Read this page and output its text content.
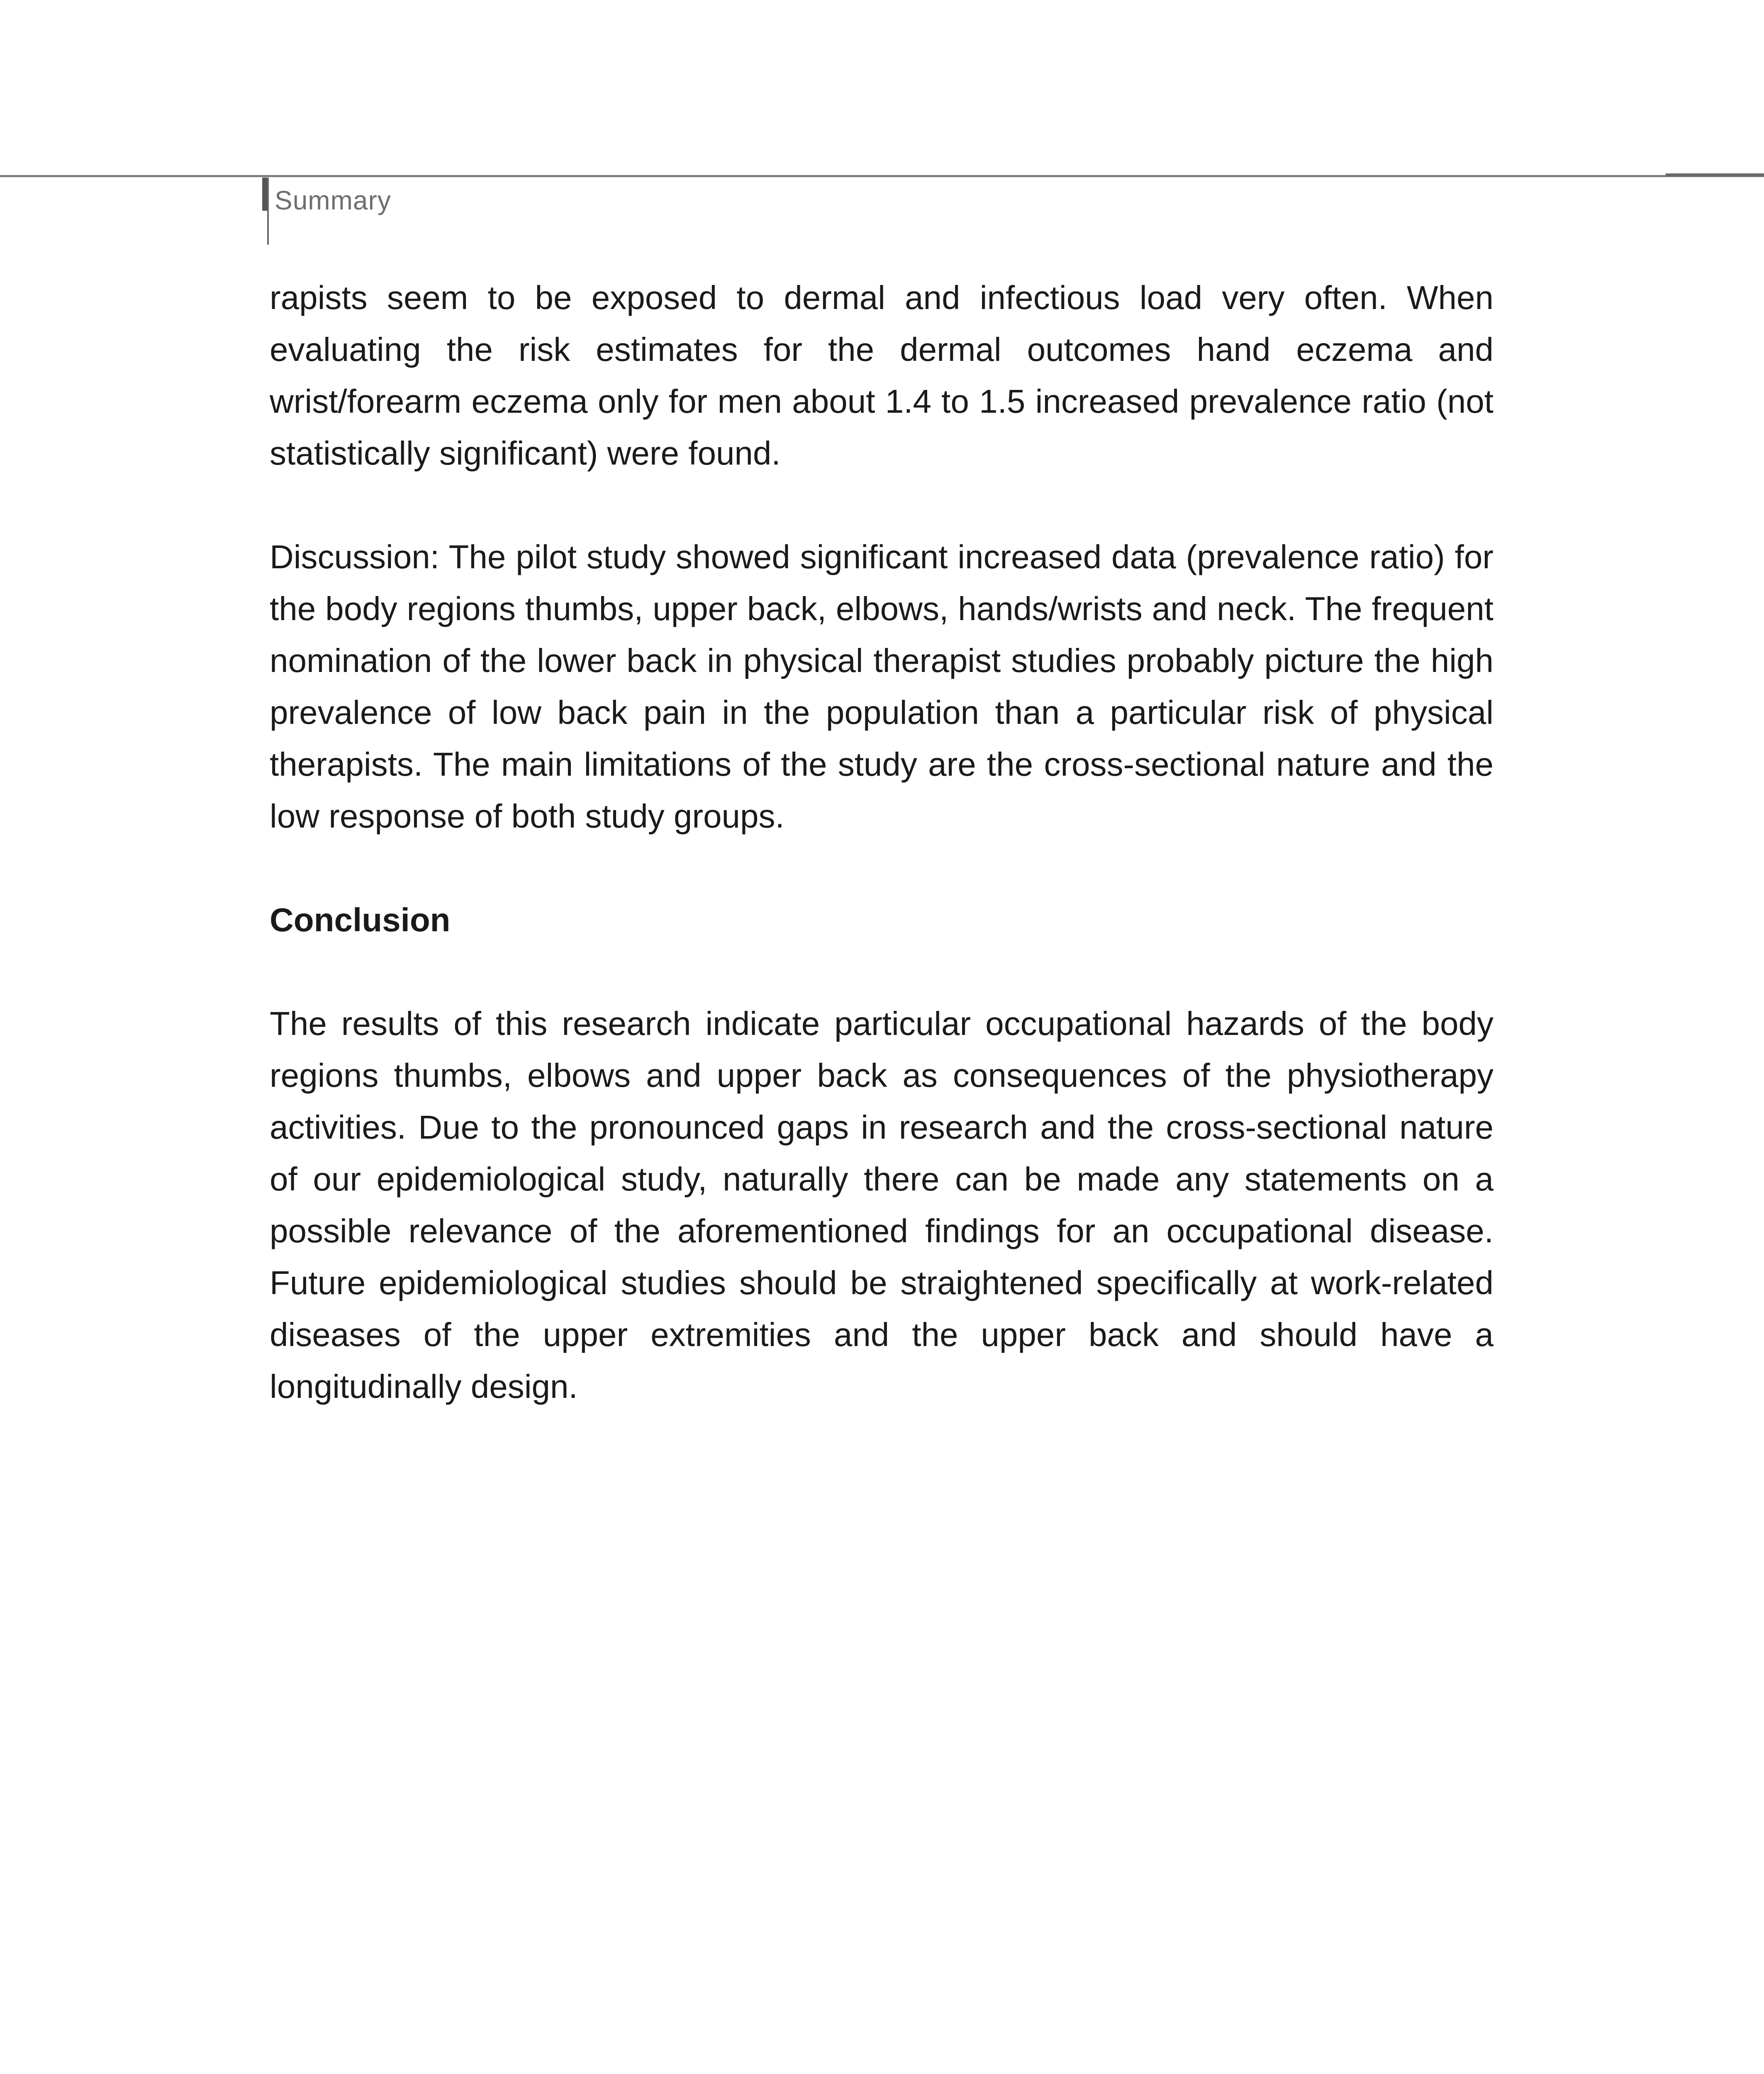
Summary

rapists seem to be exposed to dermal and infectious load very often. When evaluating the risk estimates for the dermal outcomes hand eczema and wrist/forearm eczema only for men about 1.4 to 1.5 increased prevalence ratio (not statistically significant) were found.

Discussion: The pilot study showed significant increased data (prevalence ratio) for the body regions thumbs, upper back, elbows, hands/wrists and neck. The frequent nomination of the lower back in physical therapist studies probably picture the high prevalence of low back pain in the population than a particular risk of physical therapists. The main limitations of the study are the cross-sectional nature and the low response of both study groups.

Conclusion

The results of this research indicate particular occupational hazards of the body regions thumbs, elbows and upper back as consequences of the physiotherapy activities. Due to the pronounced gaps in research and the cross-sectional nature of our epidemiological study, naturally there can be made any statements on a possible relevance of the aforementioned findings for an occupational disease. Future epidemiological studies should be straightened specifically at work-related diseases of the upper extremities and the upper back and should have a longitudinally design.
